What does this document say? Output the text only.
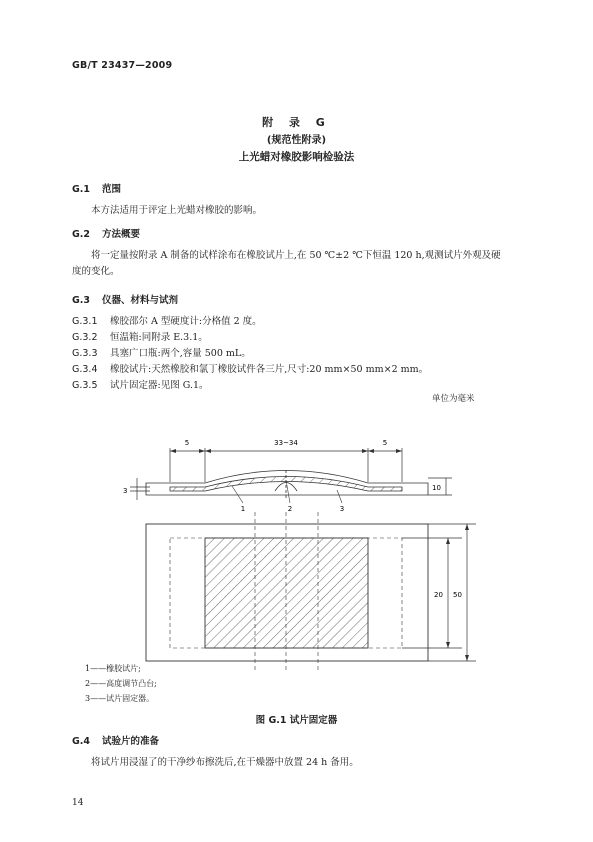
GB/T 23437—2009
附 录 G
(规范性附录)
上光蜡对橡胶影响检验法
G.1 范围
本方法适用于评定上光蜡对橡胶的影响。
G.2 方法概要
将一定量按附录 A 制备的试样涂布在橡胶试片上,在 50 ℃±2 ℃下恒温 120 h,观测试片外观及硬
度的变化。
G.3 仪器、材料与试剂
G.3.1 橡胶邵尔 A 型硬度计:分格值 2 度。
G.3.2 恒温箱:同附录 E.3.1。
G.3.3 具塞广口瓶:两个,容量 500 mL。
G.3.4 橡胶试片:天然橡胶和氯丁橡胶试件各三片,尺寸:20 mm×50 mm×2 mm。
G.3.5 试片固定器:见图 G.1。
单位为毫米
5	33~34	5
3	10
1	2	3
20 50
1——橡胶试片;
2——高度调节凸台;
3——试片固定器。
图 G.1 试片固定器
G.4 试验片的准备
将试片用浸湿了的干净纱布擦洗后,在干燥器中放置 24 h 备用。
14
